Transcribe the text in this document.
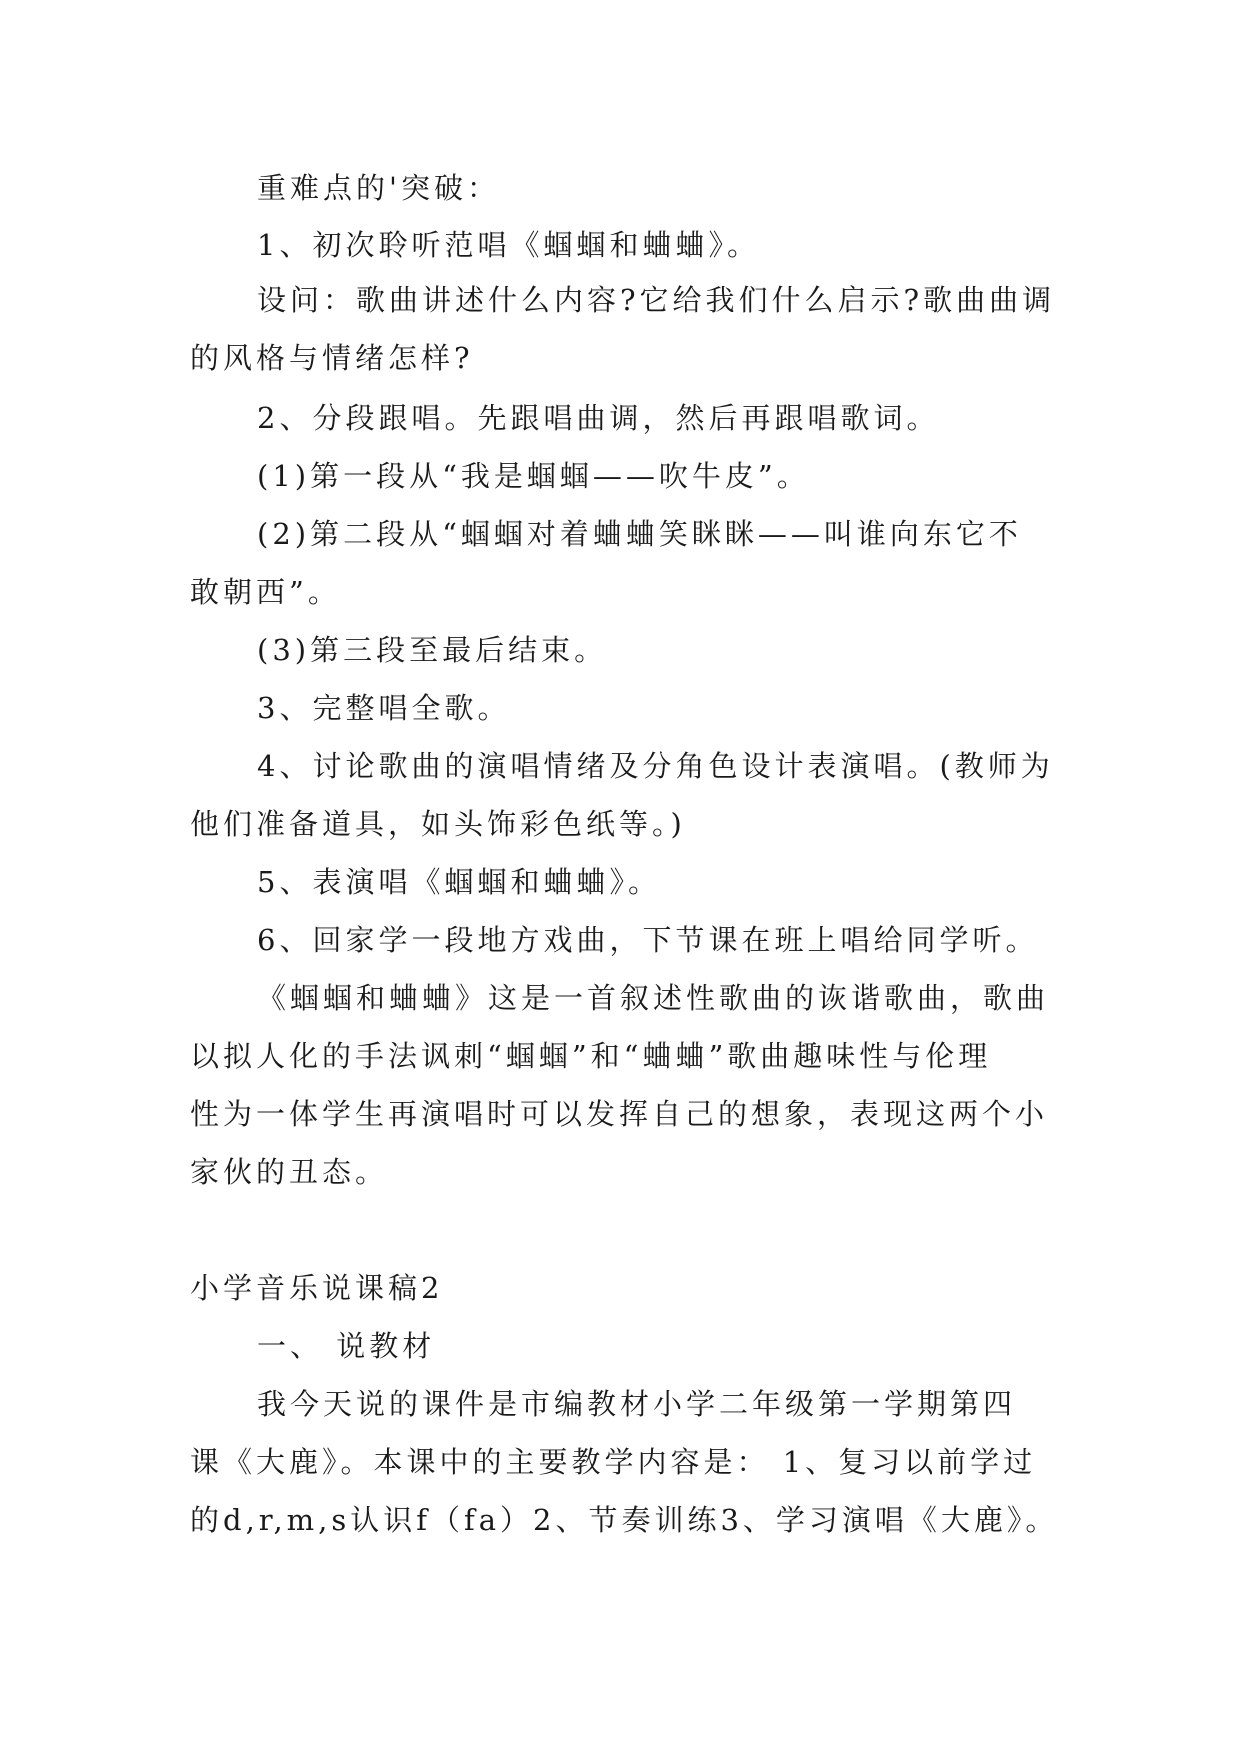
重难点的'突破：
1、初次聆听范唱《蝈蝈和蛐蛐》。
设问：歌曲讲述什么内容?它给我们什么启示?歌曲曲调
的风格与情绪怎样?
2、分段跟唱。先跟唱曲调，然后再跟唱歌词。
(1)第一段从“我是蝈蝈——吹牛皮”。
(2)第二段从“蝈蝈对着蛐蛐笑眯眯——叫谁向东它不
敢朝西”。
(3)第三段至最后结束。
3、完整唱全歌。
4、讨论歌曲的演唱情绪及分角色设计表演唱。(教师为
他们准备道具，如头饰彩色纸等。)
5、表演唱《蝈蝈和蛐蛐》。
6、回家学一段地方戏曲，下节课在班上唱给同学听。
《蝈蝈和蛐蛐》这是一首叙述性歌曲的诙谐歌曲，歌曲
以拟人化的手法讽刺“蝈蝈”和“蛐蛐”歌曲趣味性与伦理
性为一体学生再演唱时可以发挥自己的想象，表现这两个小
家伙的丑态。
小学音乐说课稿2
一、 说教材
我今天说的课件是市编教材小学二年级第一学期第四
课《大鹿》。本课中的主要教学内容是： 1、复习以前学过
的d,r,m,s认识f（fa）2、节奏训练3、学习演唱《大鹿》。
